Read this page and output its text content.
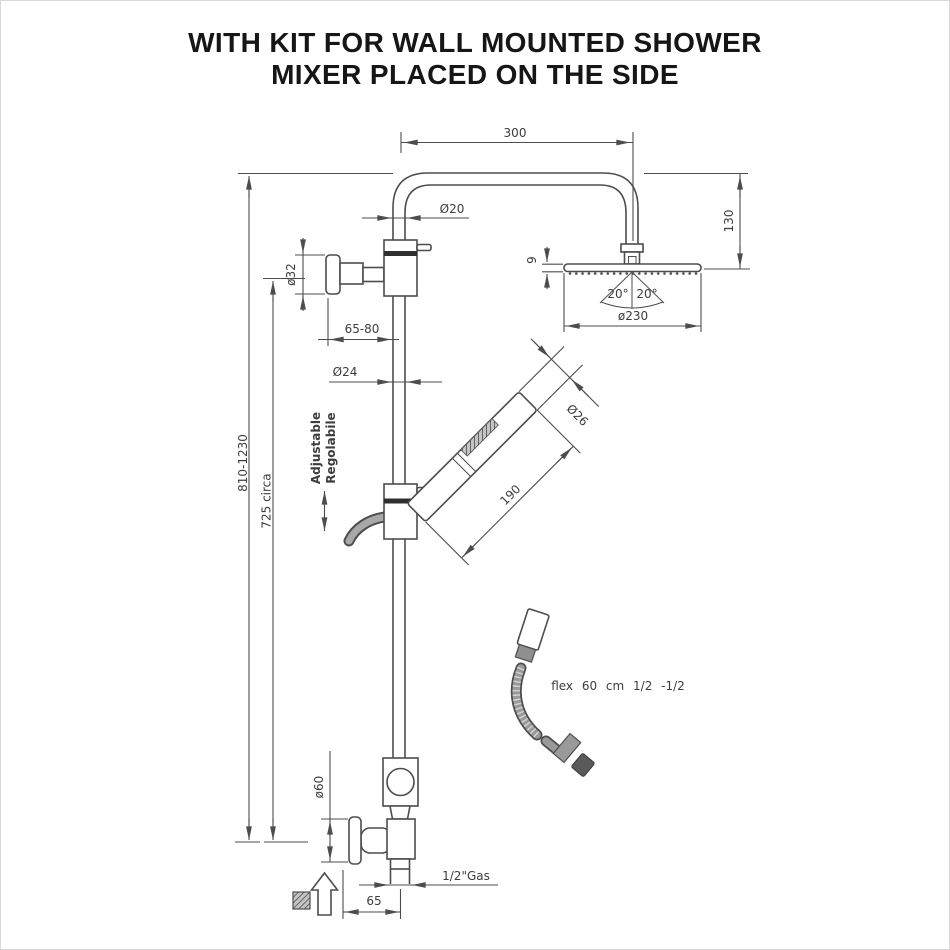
WITH KIT FOR WALL MOUNTED SHOWER
MIXER PLACED ON THE SIDE
Ø26
190
20° 20°
ø230
9
130
300
Ø20
ø32
65-80
Ø24
810-1230
725 circa
Adjustable Regolabile
flex 60 cm 1/2 -1/2
ø60
1/2"Gas
65
